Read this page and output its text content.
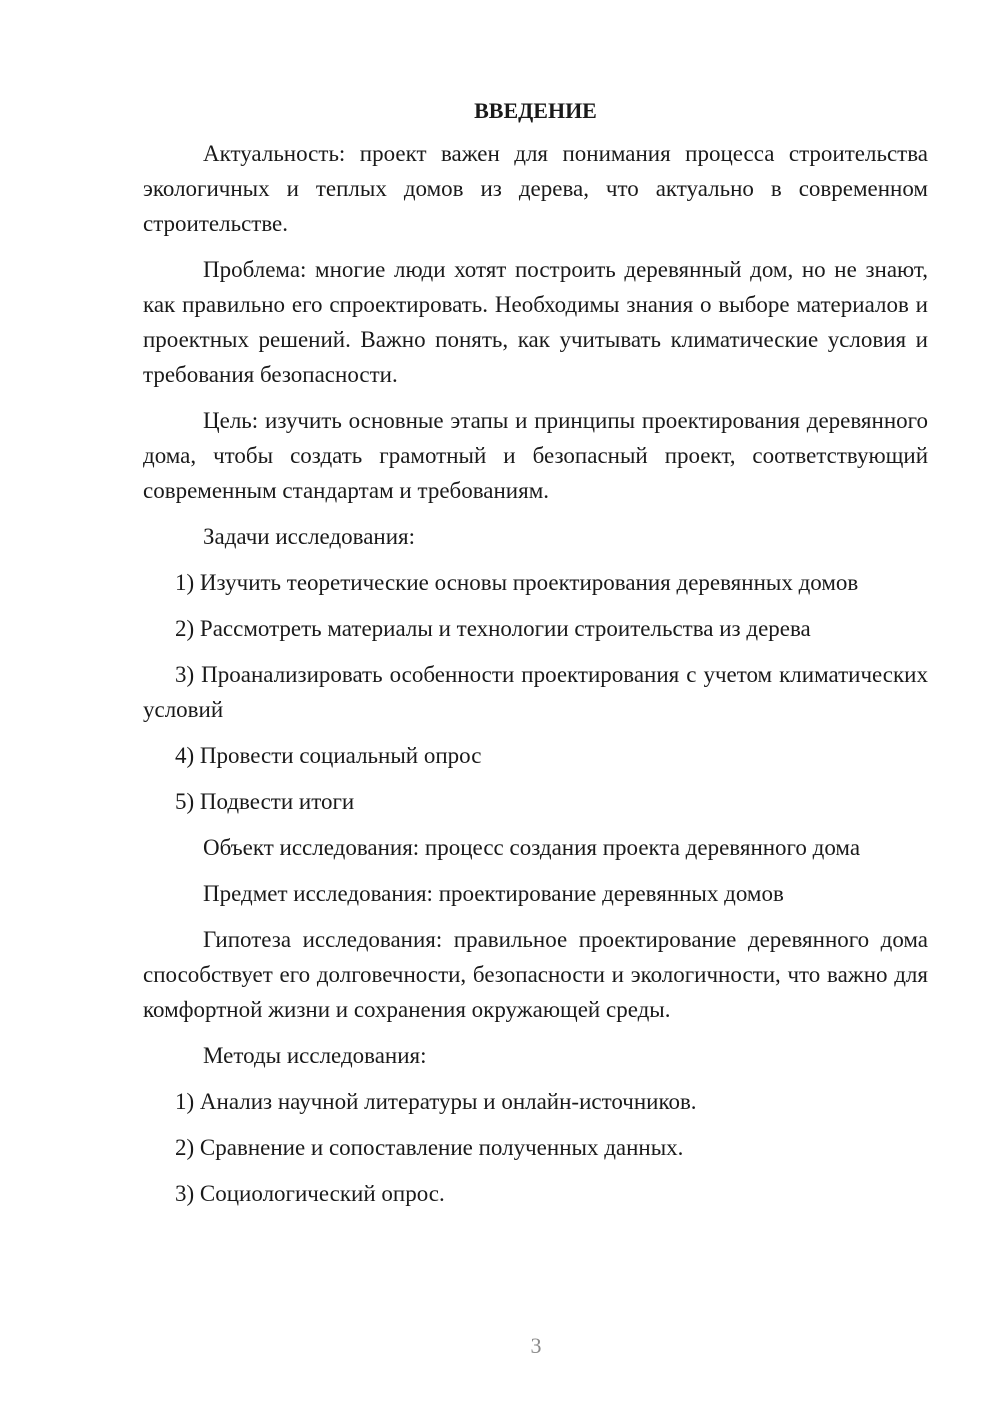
ВВЕДЕНИЕ

Актуальность: проект важен для понимания процесса строительства экологичных и теплых домов из дерева, что актуально в современном строительстве.

Проблема: многие люди хотят построить деревянный дом, но не знают, как правильно его спроектировать. Необходимы знания о выборе материалов и проектных решений. Важно понять, как учитывать климатические условия и требования безопасности.

Цель: изучить основные этапы и принципы проектирования деревянного дома, чтобы создать грамотный и безопасный проект, соответствующий современным стандартам и требованиям.

Задачи исследования:

1) Изучить теоретические основы проектирования деревянных домов

2) Рассмотреть материалы и технологии строительства из дерева

3) Проанализировать особенности проектирования с учетом климатических условий

4) Провести социальный опрос

5) Подвести итоги

Объект исследования: процесс создания проекта деревянного дома

Предмет исследования: проектирование деревянных домов

Гипотеза исследования: правильное проектирование деревянного дома способствует его долговечности, безопасности и экологичности, что важно для комфортной жизни и сохранения окружающей среды.

Методы исследования:

1) Анализ научной литературы и онлайн-источников.

2) Сравнение и сопоставление полученных данных.

3) Социологический опрос.

3
